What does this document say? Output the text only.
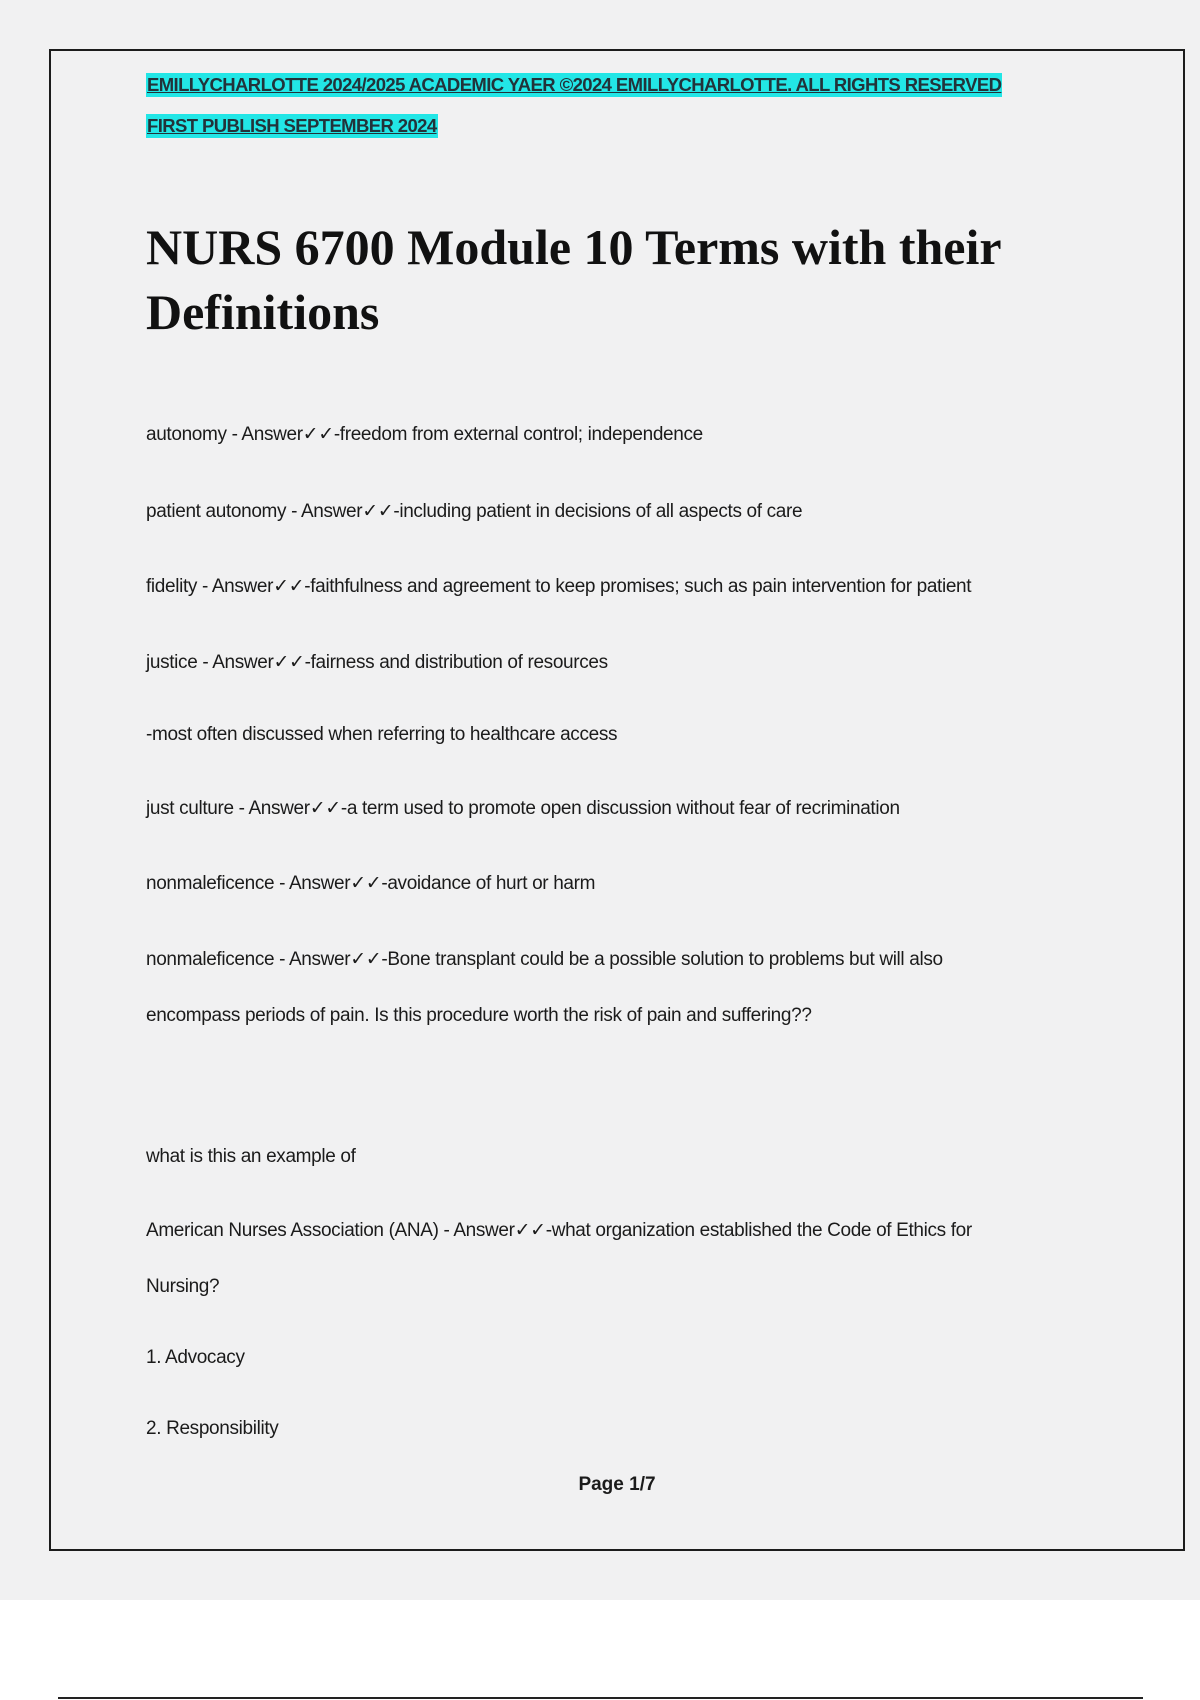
EMILLYCHARLOTTE 2024/2025 ACADEMIC YAER ©2024 EMILLYCHARLOTTE. ALL RIGHTS RESERVED
FIRST PUBLISH SEPTEMBER 2024
NURS 6700 Module 10 Terms with their Definitions
autonomy - Answer✓✓-freedom from external control; independence
patient autonomy - Answer✓✓-including patient in decisions of all aspects of care
fidelity - Answer✓✓-faithfulness and agreement to keep promises; such as pain intervention for patient
justice - Answer✓✓-fairness and distribution of resources
-most often discussed when referring to healthcare access
just culture - Answer✓✓-a term used to promote open discussion without fear of recrimination
nonmaleficence - Answer✓✓-avoidance of hurt or harm
nonmaleficence - Answer✓✓-Bone transplant could be a possible solution to problems but will also
encompass periods of pain. Is this procedure worth the risk of pain and suffering??
what is this an example of
American Nurses Association (ANA) - Answer✓✓-what organization established the Code of Ethics for
Nursing?
1. Advocacy
2. Responsibility
Page 1/7
